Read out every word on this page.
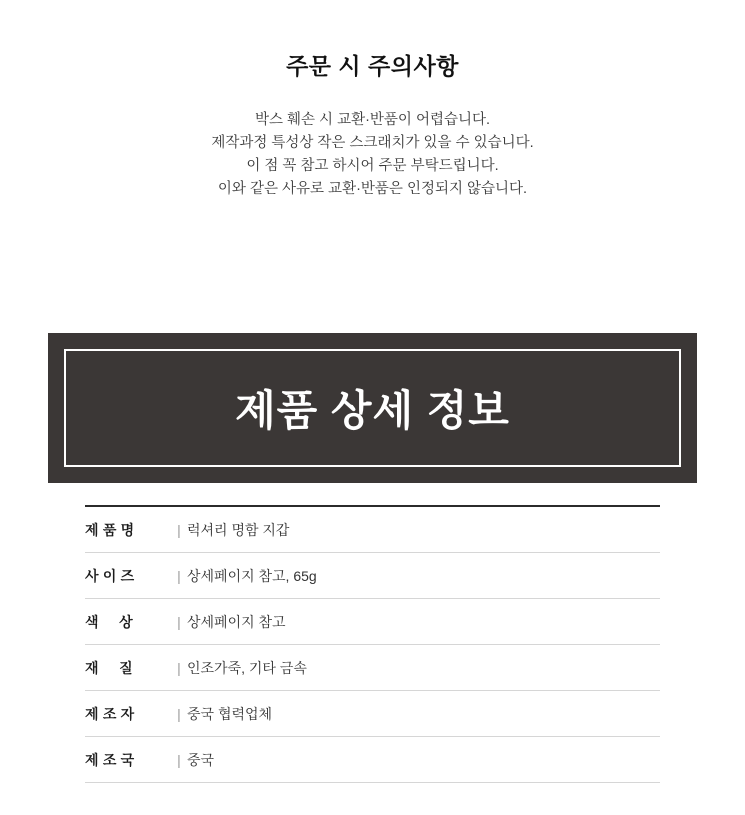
주문 시 주의사항
박스 훼손 시 교환·반품이 어렵습니다.
제작과정 특성상 작은 스크래치가 있을 수 있습니다.
이 점 꼭 참고 하시어 주문 부탁드립니다.
이와 같은 사유로 교환·반품은 인정되지 않습니다.
제품 상세 정보
제 품 명	|	럭셔리 명함 지갑
사 이 즈	|	상세페이지 참고, 65g
색     상	|	상세페이지 참고
재     질	|	인조가죽, 기타 금속
제 조 자	|	중국 협력업체
제 조 국	|	중국
